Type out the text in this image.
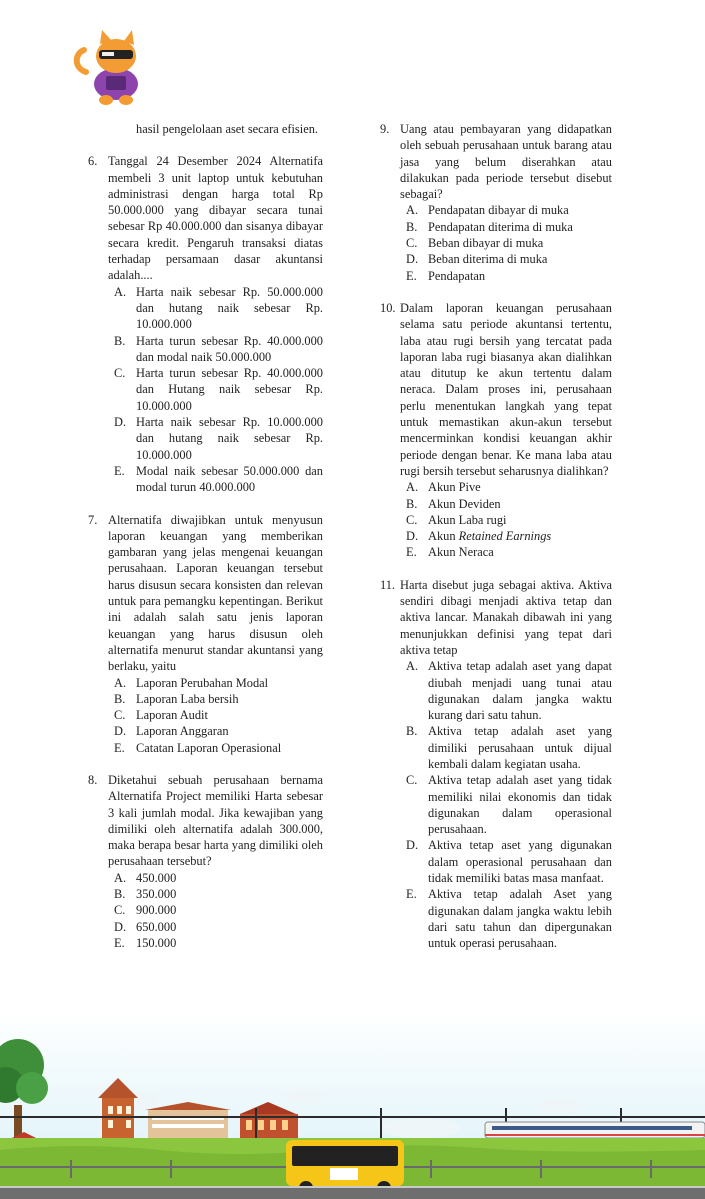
hasil pengelolaan aset secara efisien.
6. Tanggal 24 Desember 2024 Alternatifa membeli 3 unit laptop untuk kebutuhan administrasi dengan harga total Rp 50.000.000 yang dibayar secara tunai sebesar Rp 40.000.000 dan sisanya dibayar secara kredit. Pengaruh transaksi diatas terhadap persamaan dasar akuntansi adalah....
A. Harta naik sebesar Rp. 50.000.000 dan hutang naik sebesar Rp. 10.000.000
B. Harta turun sebesar Rp. 40.000.000 dan modal naik 50.000.000
C. Harta turun sebesar Rp. 40.000.000 dan Hutang naik sebesar Rp. 10.000.000
D. Harta naik sebesar Rp. 10.000.000 dan hutang naik sebesar Rp. 10.000.000
E. Modal naik sebesar 50.000.000 dan modal turun 40.000.000
7. Alternatifa diwajibkan untuk menyusun laporan keuangan yang memberikan gambaran yang jelas mengenai keuangan perusahaan. Laporan keuangan tersebut harus disusun secara konsisten dan relevan untuk para pemangku kepentingan. Berikut ini adalah salah satu jenis laporan keuangan yang harus disusun oleh alternatifa menurut standar akuntansi yang berlaku, yaitu
A. Laporan Perubahan Modal
B. Laporan Laba bersih
C. Laporan Audit
D. Laporan Anggaran
E. Catatan Laporan Operasional
8. Diketahui sebuah perusahaan bernama Alternatifa Project memiliki Harta sebesar 3 kali jumlah modal. Jika kewajiban yang dimiliki oleh alternatifa adalah 300.000, maka berapa besar harta yang dimiliki oleh perusahaan tersebut?
A. 450.000
B. 350.000
C. 900.000
D. 650.000
E. 150.000
9. Uang atau pembayaran yang didapatkan oleh sebuah perusahaan untuk barang atau jasa yang belum diserahkan atau dilakukan pada periode tersebut disebut sebagai?
A. Pendapatan dibayar di muka
B. Pendapatan diterima di muka
C. Beban dibayar di muka
D. Beban diterima di muka
E. Pendapatan
10. Dalam laporan keuangan perusahaan selama satu periode akuntansi tertentu, laba atau rugi bersih yang tercatat pada laporan laba rugi biasanya akan dialihkan atau ditutup ke akun tertentu dalam neraca. Dalam proses ini, perusahaan perlu menentukan langkah yang tepat untuk memastikan akun-akun tersebut mencerminkan kondisi keuangan akhir periode dengan benar. Ke mana laba atau rugi bersih tersebut seharusnya dialihkan?
A. Akun Pive
B. Akun Deviden
C. Akun Laba rugi
D. Akun Retained Earnings
E. Akun Neraca
11. Harta disebut juga sebagai aktiva. Aktiva sendiri dibagi menjadi aktiva tetap dan aktiva lancar. Manakah dibawah ini yang menunjukkan definisi yang tepat dari aktiva tetap
A. Aktiva tetap adalah aset yang dapat diubah menjadi uang tunai atau digunakan dalam jangka waktu kurang dari satu tahun.
B. Aktiva tetap adalah aset yang dimiliki perusahaan untuk dijual kembali dalam kegiatan usaha.
C. Aktiva tetap adalah aset yang tidak memiliki nilai ekonomis dan tidak digunakan dalam operasional perusahaan.
D. Aktiva tetap aset yang digunakan dalam operasional perusahaan dan tidak memiliki batas masa manfaat.
E. Aktiva tetap adalah Aset yang digunakan dalam jangka waktu lebih dari satu tahun dan dipergunakan untuk operasi perusahaan.
